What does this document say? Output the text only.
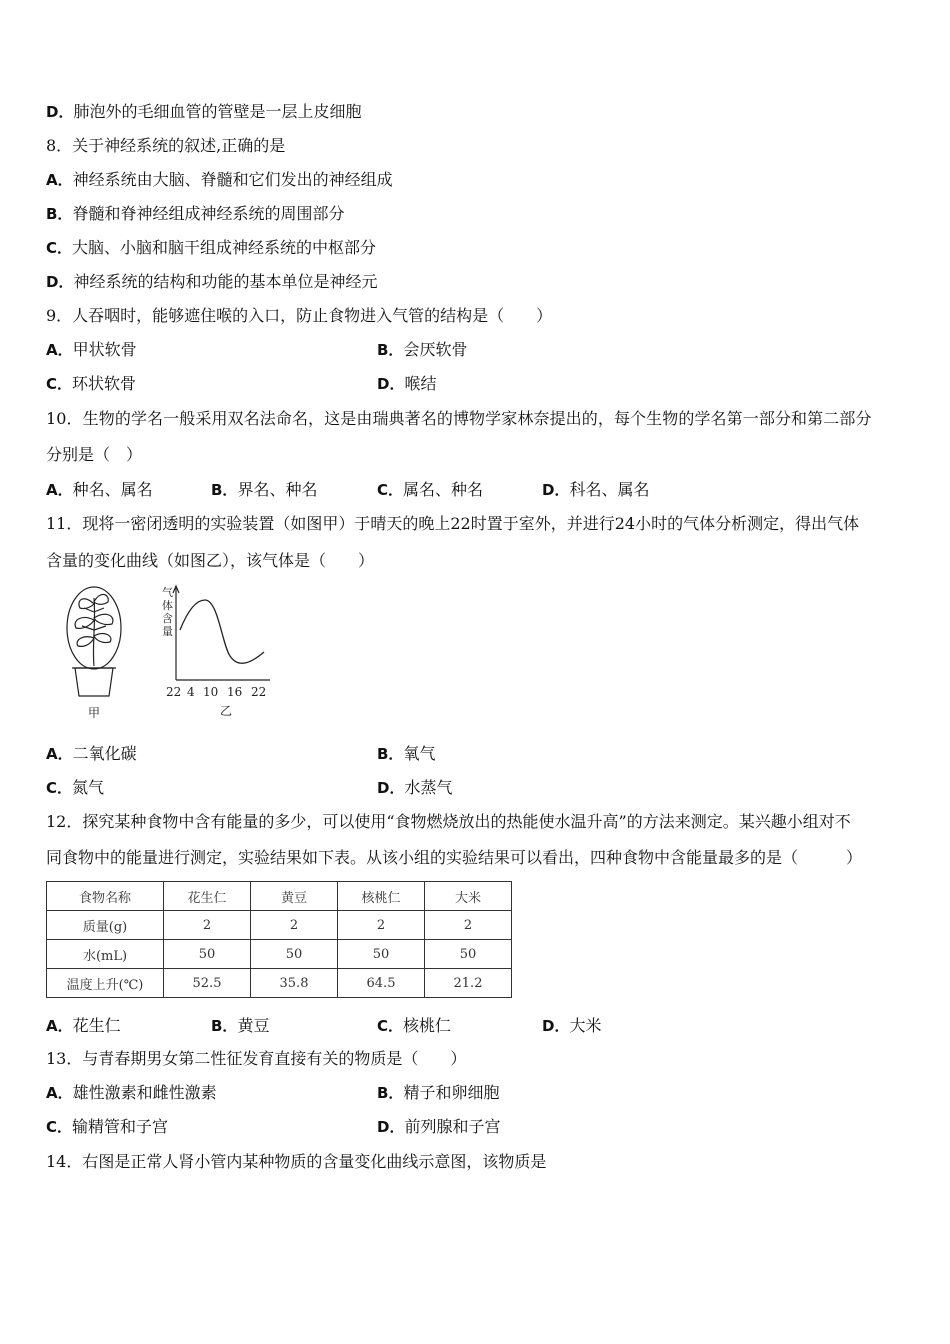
D．肺泡外的毛细血管的管壁是一层上皮细胞
8．关于神经系统的叙述,正确的是
A．神经系统由大脑、脊髓和它们发出的神经组成
B．脊髓和脊神经组成神经系统的周围部分
C．大脑、小脑和脑干组成神经系统的中枢部分
D．神经系统的结构和功能的基本单位是神经元
9．人吞咽时，能够遮住喉的入口，防止食物进入气管的结构是（　　）
A．甲状软骨	B．会厌软骨
C．环状软骨	D．喉结
10．生物的学名一般采用双名法命名，这是由瑞典著名的博物学家林奈提出的，每个生物的学名第一部分和第二部分
分别是（　）
A．种名、属名	B．界名、种名	C．属名、种名	D．科名、属名
11．现将一密闭透明的实验装置（如图甲）于晴天的晚上22时置于室外，并进行24小时的气体分析测定，得出气体
含量的变化曲线（如图乙），该气体是（　　）
甲
气
体
含
量
22 4 10 16 22
乙
A．二氧化碳	B．氧气
C．氮气	D．水蒸气
12．探究某种食物中含有能量的多少，可以使用“食物燃烧放出的热能使水温升高”的方法来测定。某兴趣小组对不
同食物中的能量进行测定，实验结果如下表。从该小组的实验结果可以看出，四种食物中含能量最多的是（　　　）
食物名称	花生仁	黄豆	核桃仁	大米
质量(g)	2	2	2	2
水(mL)	50	50	50	50
温度上升(℃)	52.5	35.8	64.5	21.2
A．花生仁	B．黄豆	C．核桃仁	D．大米
13．与青春期男女第二性征发育直接有关的物质是（　　）
A．雄性激素和雌性激素	B．精子和卵细胞
C．输精管和子宫	D．前列腺和子宫
14．右图是正常人肾小管内某种物质的含量变化曲线示意图，该物质是
